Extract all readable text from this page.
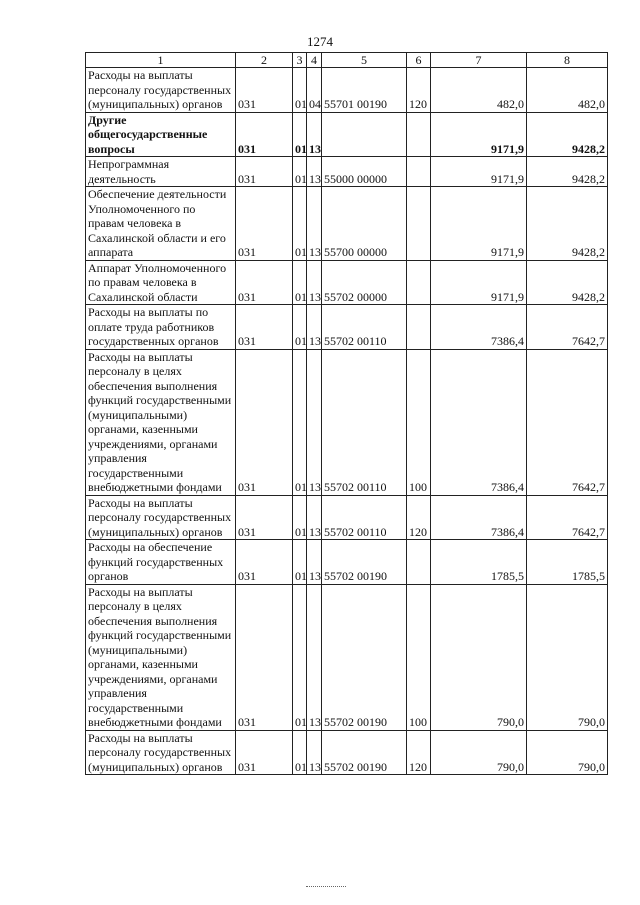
1274
1	2	3	4	5	6	7	8
Расходы на выплаты персоналу государственных (муниципальных) органов	031	01	04	55701 00190	120	482,0	482,0
Другие общегосударственные вопросы	031	01	13			9171,9	9428,2
Непрограммная деятельность	031	01	13	55000 00000		9171,9	9428,2
Обеспечение деятельности Уполномоченного по правам человека в Сахалинской области и его аппарата	031	01	13	55700 00000		9171,9	9428,2
Аппарат Уполномоченного по правам человека в Сахалинской области	031	01	13	55702 00000		9171,9	9428,2
Расходы на выплаты по оплате труда работников государственных органов	031	01	13	55702 00110		7386,4	7642,7
Расходы на выплаты персоналу в целях обеспечения выполнения функций государственными (муниципальными) органами, казенными учреждениями, органами управления государственными внебюджетными фондами	031	01	13	55702 00110	100	7386,4	7642,7
Расходы на выплаты персоналу государственных (муниципальных) органов	031	01	13	55702 00110	120	7386,4	7642,7
Расходы на обеспечение функций государственных органов	031	01	13	55702 00190		1785,5	1785,5
Расходы на выплаты персоналу в целях обеспечения выполнения функций государственными (муниципальными) органами, казенными учреждениями, органами управления государственными внебюджетными фондами	031	01	13	55702 00190	100	790,0	790,0
Расходы на выплаты персоналу государственных (муниципальных) органов	031	01	13	55702 00190	120	790,0	790,0
